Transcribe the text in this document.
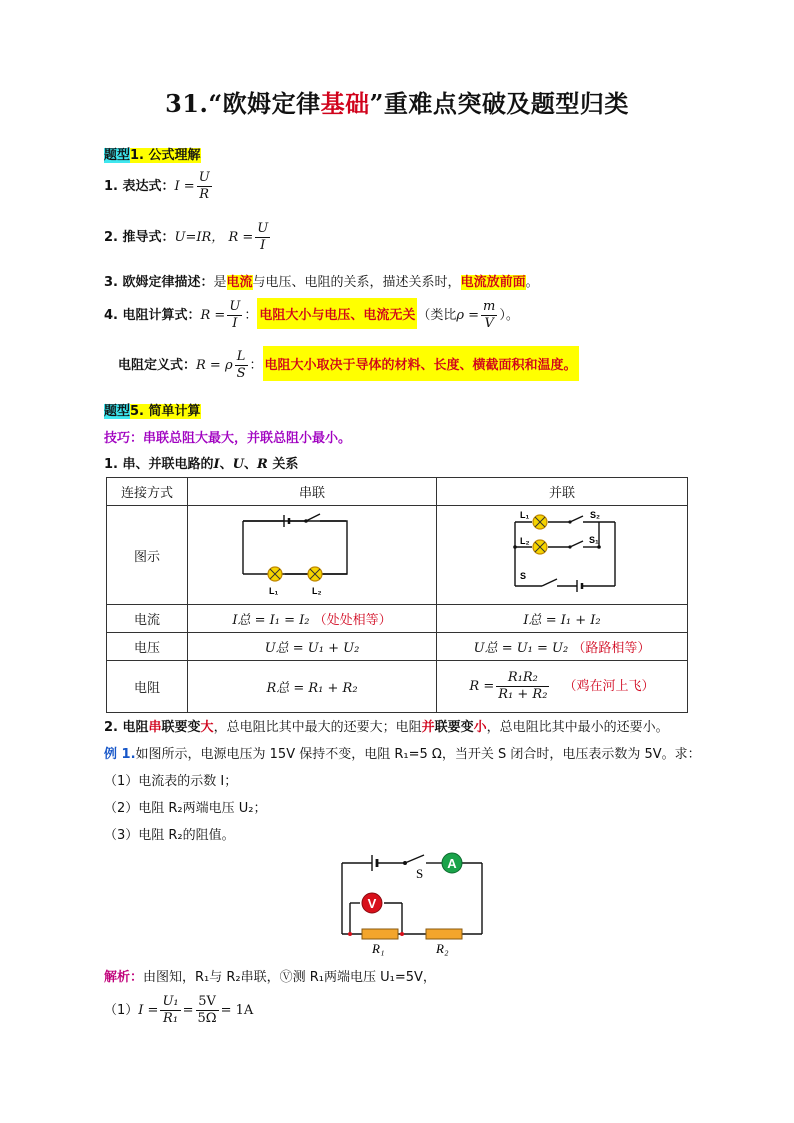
31.“欧姆定律基础”重难点突破及题型归类
题型1. 公式理解
1. 表达式：$I = \frac{U}{R}$
2. 推导式：U=IR， $R = \frac{U}{I}$
3. 欧姆定律描述：是电流与电压、电阻的关系，描述关系时，电流放前面。
4. 电阻计算式：$R = \frac{U}{I}$ ： 电阻大小与电压、电流无关 （类比$\rho = \frac{m}{V}$ ）。
电阻定义式：R = ρ $\frac{L}{S}$ ： 电阻大小取决于导体的材料、长度、横截面积和温度。
题型5. 简单计算
技巧：串联总阻大最大，并联总阻小最小。
1. 串、并联电路的I、U、R 关系
连接方式	串联	并联
图示	L₁ L₂	L₁
L₂
S₂
S₁
S

电流	I总 = I₁ = I₂ （处处相等）	I总 = I₁ + I₂
电压	U总 = U₁ + U₂	U总 = U₁ = U₂ （路路相等）
电阻	R总 = R₁ + R₂	$R = \frac{\text{R₁R₂}}{\text{R₁ + R₂}}$ （鸡在河上飞）
2. 电阻串联要变大，总电阻比其中最大的还要大；电阻并联要变小，总电阻比其中最小的还要小。
例 1.如图所示，电源电压为 15V 保持不变，电阻 R₁=5 Ω，当开关 S 闭合时，电压表示数为 5V。求：
（1）电流表的示数 I；
（2）电阻 R₂两端电压 U₂；
（3）电阻 R₂的阻值。
A
V
S
R₁	R₂
解析：由图知，R₁与 R₂串联，Ⓥ测 R₁两端电压 U₁=5V，
$(1)I = \frac{\text{U₁}}{\text{R₁}} = \frac{5V}{5\Omega} = 1A$
